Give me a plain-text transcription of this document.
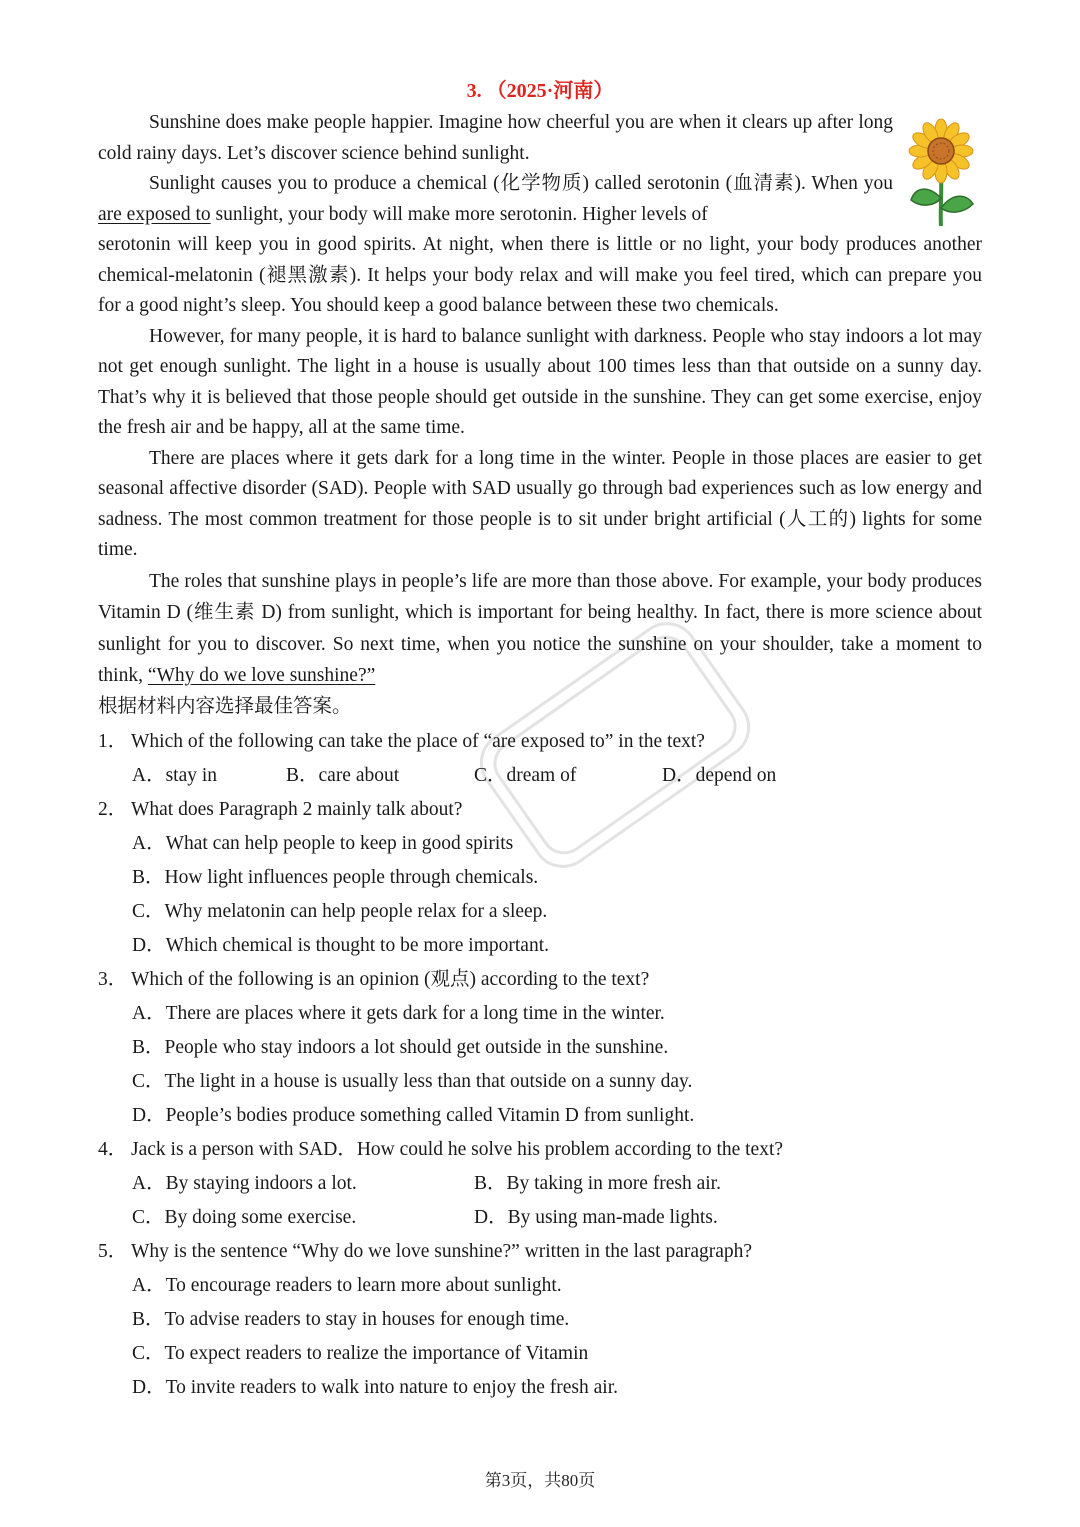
3. （2025·河南）

Sunshine does make people happier. Imagine how cheerful you are when it clears up after long cold rainy days. Let’s discover science behind sunlight.

Sunlight causes you to produce a chemical (化学物质) called serotonin (血清素). When you are exposed to sunlight, your body will make more serotonin. Higher levels of

serotonin will keep you in good spirits. At night, when there is little or no light, your body produces another chemical-melatonin (褪黑激素). It helps your body relax and will make you feel tired, which can prepare you for a good night’s sleep. You should keep a good balance between these two chemicals.

However, for many people, it is hard to balance sunlight with darkness. People who stay indoors a lot may not get enough sunlight. The light in a house is usually about 100 times less than that outside on a sunny day. That’s why it is believed that those people should get outside in the sunshine. They can get some exercise, enjoy the fresh air and be happy, all at the same time.

There are places where it gets dark for a long time in the winter. People in those places are easier to get seasonal affective disorder (SAD). People with SAD usually go through bad experiences such as low energy and sadness. The most common treatment for those people is to sit under bright artificial (人工的) lights for some time.

The roles that sunshine plays in people’s life are more than those above. For example, your body produces Vitamin D (维生素 D) from sunlight, which is important for being healthy. In fact, there is more science about sunlight for you to discover. So next time, when you notice the sunshine on your shoulder, take a moment to think, “Why do we love sunshine?”

根据材料内容选择最佳答案。

1． Which of the following can take the place of “are exposed to” in the text?
A．stay in	B．care about	C．dream of	D．depend on
2． What does Paragraph 2 mainly talk about?
A．What can help people to keep in good spirits
B．How light influences people through chemicals.
C．Why melatonin can help people relax for a sleep.
D．Which chemical is thought to be more important.
3． Which of the following is an opinion (观点) according to the text?
A．There are places where it gets dark for a long time in the winter.
B．People who stay indoors a lot should get outside in the sunshine.
C．The light in a house is usually less than that outside on a sunny day.
D．People’s bodies produce something called Vitamin D from sunlight.
4． Jack is a person with SAD．How could he solve his problem according to the text?
A．By staying indoors a lot.	B．By taking in more fresh air.
C．By doing some exercise.	D．By using man-made lights.
5． Why is the sentence “Why do we love sunshine?” written in the last paragraph?
A．To encourage readers to learn more about sunlight.
B．To advise readers to stay in houses for enough time.
C．To expect readers to realize the importance of Vitamin
D．To invite readers to walk into nature to enjoy the fresh air.
第3页，共80页
